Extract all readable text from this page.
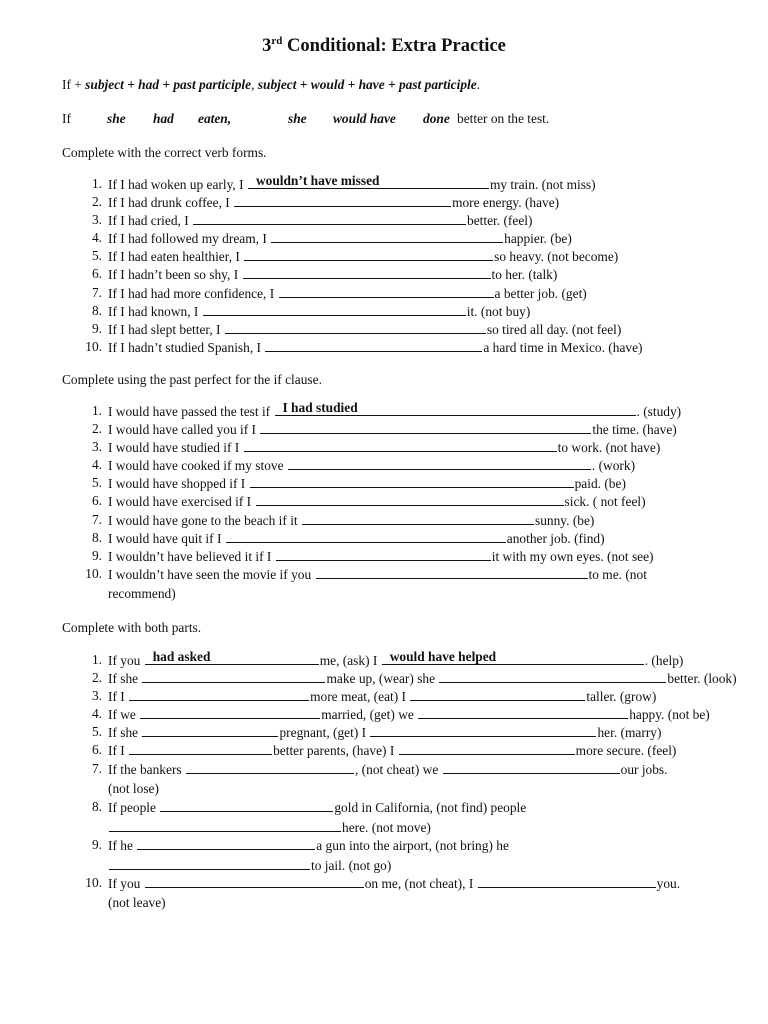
3rd Conditional: Extra Practice
If + subject + had + past participle, subject + would + have + past participle.
If	she had eaten,	she would have done better on the test.
Complete with the correct verb forms.
1. If I had woken up early, I wouldn’t have missed	my train. (not miss)
2. If I had drunk coffee, I	more energy. (have)
3. If I had cried, I	better. (feel)
4. If I had followed my dream, I	happier. (be)
5. If I had eaten healthier, I	so heavy. (not become)
6. If I hadn’t been so shy, I	to her. (talk)
7. If I had had more confidence, I	a better job. (get)
8. If I had known, I	it. (not buy)
9. If I had slept better, I	so tired all day. (not feel)
10. If I hadn’t studied Spanish, I	a hard time in Mexico. (have)
Complete using the past perfect for the if clause.
1. I would have passed the test if I had studied	. (study)
2. I would have called you if I	the time. (have)
3. I would have studied if I	to work. (not have)
4. I would have cooked if my stove	. (work)
5. I would have shopped if I	paid. (be)
6. I would have exercised if I	sick. ( not feel)
7. I would have gone to the beach if it	sunny. (be)
8. I would have quit if I	another job. (find)
9. I wouldn’t have believed it if I	it with my own eyes. (not see)
10. I wouldn’t have seen the movie if you	to me. (not
recommend)
Complete with both parts.
1. If you had asked	me, (ask) I would have helped	. (help)
2. If she	make up, (wear) she	better. (look)
3. If I	more meat, (eat) I	taller. (grow)
4. If we	married, (get) we	happy. (not be)
5. If she	pregnant, (get) I	her. (marry)
6. If I	better parents, (have) I	more secure. (feel)
7. If the bankers	, (not cheat) we	our jobs.
(not lose)
8. If people	gold in California, (not find) people
here. (not move)
9. If he	a gun into the airport, (not bring) he
to jail. (not go)
10. If you	on me, (not cheat), I	you.
(not leave)
